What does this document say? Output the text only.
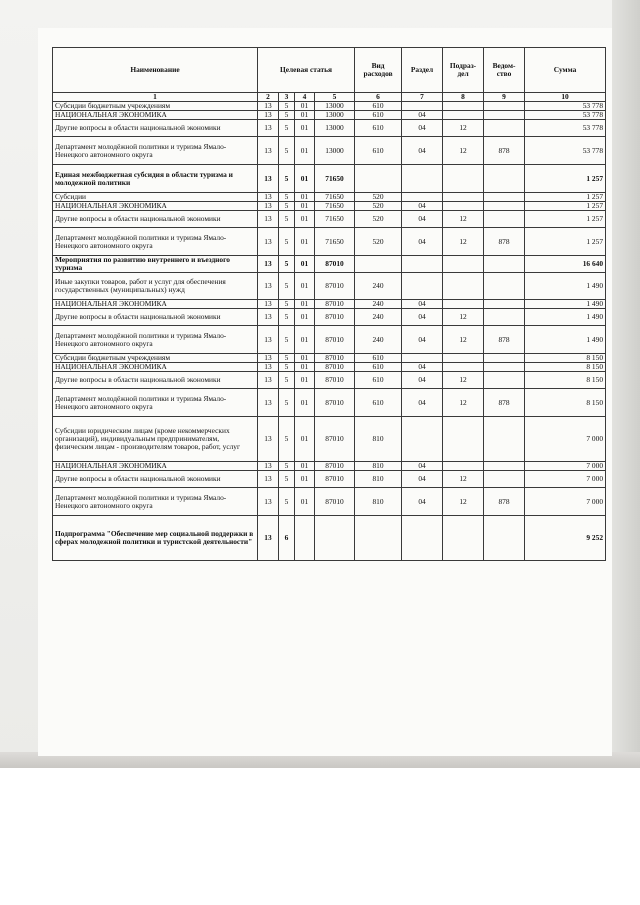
Наименование	Целевая статья				Вид расходов	Раздел	Подраз-дел	Ведом-ство	Сумма
1	2	3	4	5	6	7	8	9	10
Субсидии бюджетным учреждениям	13	5	01	13000	610				53 778
НАЦИОНАЛЬНАЯ ЭКОНОМИКА	13	5	01	13000	610	04			53 778
Другие вопросы в области национальной экономики	13	5	01	13000	610	04	12		53 778
Департамент молодёжной политики и туризма Ямало-Ненецкого автономного округа	13	5	01	13000	610	04	12	878	53 778
Единая межбюджетная субсидия в области туризма и молодежной политики	13	5	01	71650					1 257
Субсидии	13	5	01	71650	520				1 257
НАЦИОНАЛЬНАЯ ЭКОНОМИКА	13	5	01	71650	520	04			1 257
Другие вопросы в области национальной экономики	13	5	01	71650	520	04	12		1 257
Департамент молодёжной политики и туризма Ямало-Ненецкого автономного округа	13	5	01	71650	520	04	12	878	1 257
Мероприятия по развитию внутреннего и въездного туризма	13	5	01	87010					16 640
Иные закупки товаров, работ и услуг для обеспечения государственных (муниципальных) нужд	13	5	01	87010	240				1 490
НАЦИОНАЛЬНАЯ ЭКОНОМИКА	13	5	01	87010	240	04			1 490
Другие вопросы в области национальной экономики	13	5	01	87010	240	04	12		1 490
Департамент молодёжной политики и туризма Ямало-Ненецкого автономного округа	13	5	01	87010	240	04	12	878	1 490
Субсидии бюджетным учреждениям	13	5	01	87010	610				8 150
НАЦИОНАЛЬНАЯ ЭКОНОМИКА	13	5	01	87010	610	04			8 150
Другие вопросы в области национальной экономики	13	5	01	87010	610	04	12		8 150
Департамент молодёжной политики и туризма Ямало-Ненецкого автономного округа	13	5	01	87010	610	04	12	878	8 150
Субсидии юридическим лицам (кроме некоммерческих организаций), индивидуальным предпринимателям, физическим лицам - производителям товаров, работ, услуг	13	5	01	87010	810				7 000
НАЦИОНАЛЬНАЯ ЭКОНОМИКА	13	5	01	87010	810	04			7 000
Другие вопросы в области национальной экономики	13	5	01	87010	810	04	12		7 000
Департамент молодёжной политики и туризма Ямало-Ненецкого автономного округа	13	5	01	87010	810	04	12	878	7 000
Подпрограмма "Обеспечение мер социальной поддержки в сферах молодежной политики и туристской деятельности"	13	6							9 252
